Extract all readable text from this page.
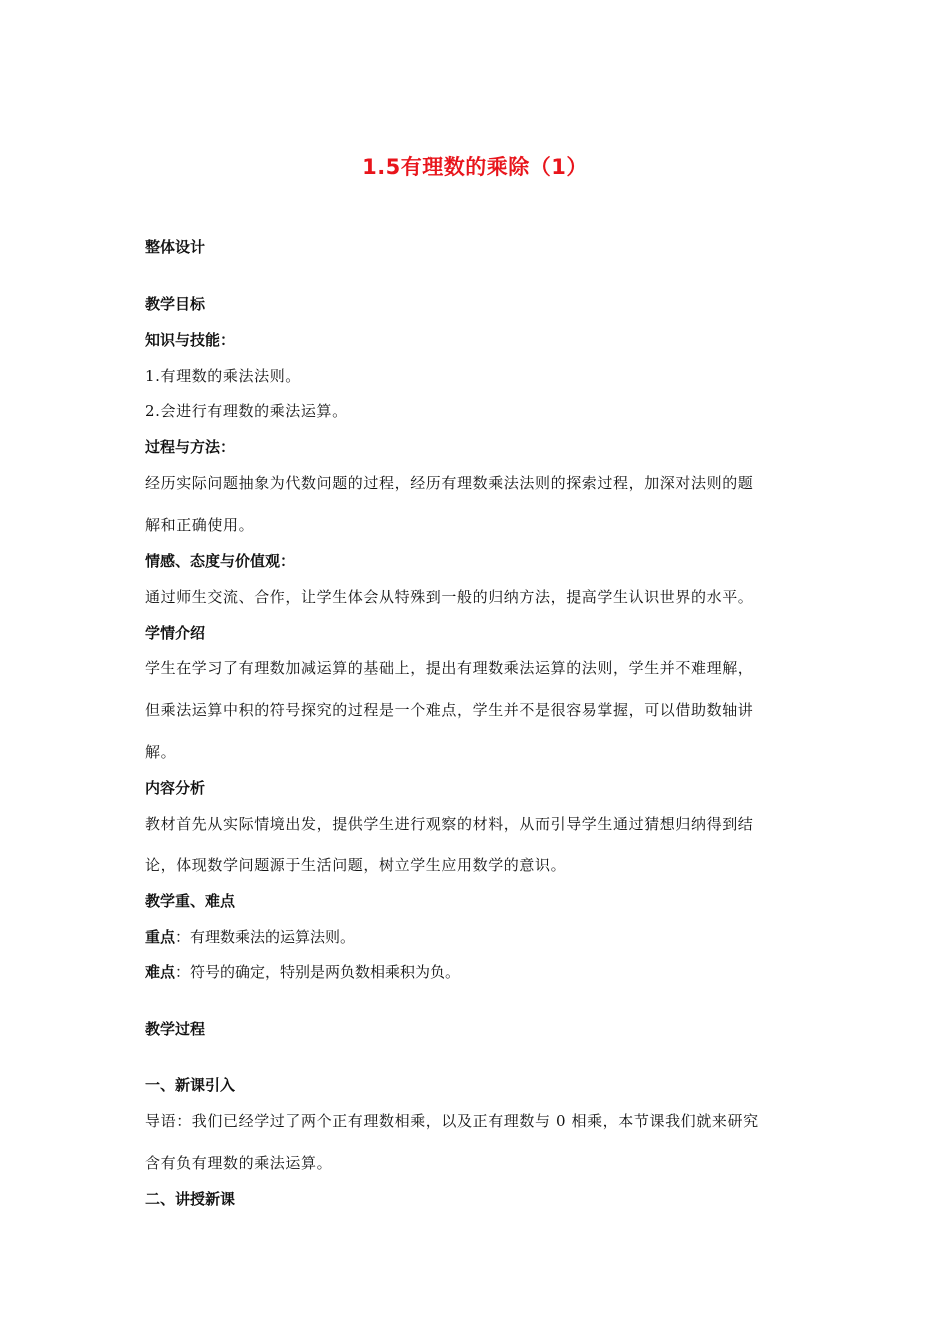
1.5有理数的乘除（1）
整体设计
教学目标
知识与技能：
1.有理数的乘法法则。
2.会进行有理数的乘法运算。
过程与方法：
经历实际问题抽象为代数问题的过程，经历有理数乘法法则的探索过程，加深对法则的题
解和正确使用。
情感、态度与价值观：
通过师生交流、合作，让学生体会从特殊到一般的归纳方法，提高学生认识世界的水平。
学情介绍
学生在学习了有理数加减运算的基础上，提出有理数乘法运算的法则，学生并不难理解，
但乘法运算中积的符号探究的过程是一个难点，学生并不是很容易掌握，可以借助数轴讲
解。
内容分析
教材首先从实际情境出发，提供学生进行观察的材料，从而引导学生通过猜想归纳得到结
论，体现数学问题源于生活问题，树立学生应用数学的意识。
教学重、难点
重点：有理数乘法的运算法则。
难点：符号的确定，特别是两负数相乘积为负。
教学过程
一、新课引入
导语：我们已经学过了两个正有理数相乘，以及正有理数与 0 相乘，本节课我们就来研究
含有负有理数的乘法运算。
二、讲授新课
